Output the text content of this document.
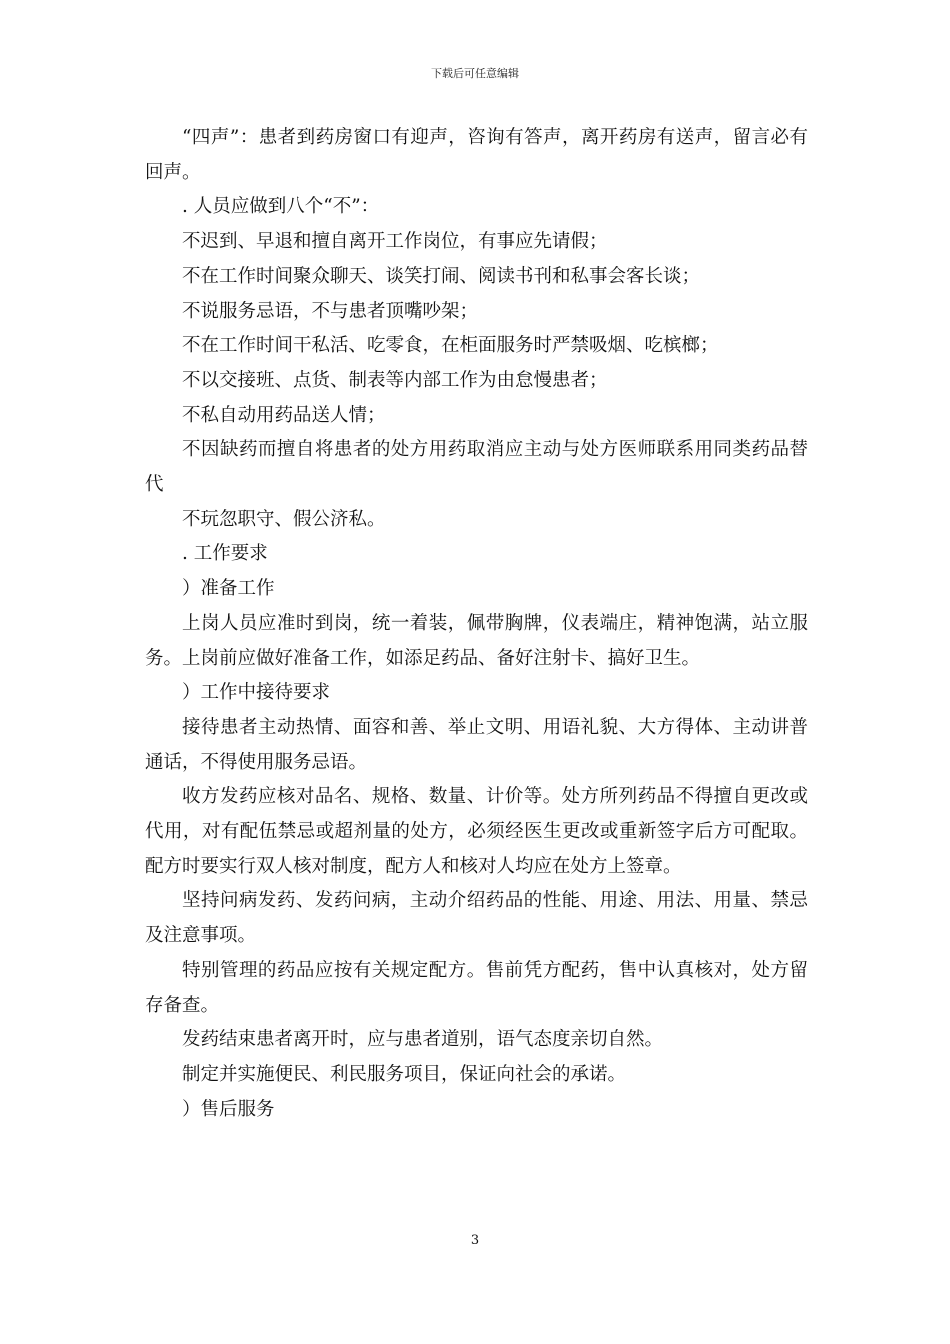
下载后可任意编辑

“四声”：患者到药房窗口有迎声，咨询有答声，离开药房有送声，留言必有回声。

. 人员应做到八个“不”：

不迟到、早退和擅自离开工作岗位，有事应先请假；

不在工作时间聚众聊天、谈笑打闹、阅读书刊和私事会客长谈；

不说服务忌语，不与患者顶嘴吵架；

不在工作时间干私活、吃零食，在柜面服务时严禁吸烟、吃槟榔；

不以交接班、点货、制表等内部工作为由怠慢患者；

不私自动用药品送人情；

不因缺药而擅自将患者的处方用药取消应主动与处方医师联系用同类药品替代

不玩忽职守、假公济私。

. 工作要求

）准备工作

上岗人员应准时到岗，统一着装，佩带胸牌，仪表端庄，精神饱满，站立服务。上岗前应做好准备工作，如添足药品、备好注射卡、搞好卫生。

）工作中接待要求

接待患者主动热情、面容和善、举止文明、用语礼貌、大方得体、主动讲普通话，不得使用服务忌语。

收方发药应核对品名、规格、数量、计价等。处方所列药品不得擅自更改或代用，对有配伍禁忌或超剂量的处方，必须经医生更改或重新签字后方可配取。配方时要实行双人核对制度，配方人和核对人均应在处方上签章。

坚持问病发药、发药问病，主动介绍药品的性能、用途、用法、用量、禁忌及注意事项。

特别管理的药品应按有关规定配方。售前凭方配药，售中认真核对，处方留存备查。

发药结束患者离开时，应与患者道别，语气态度亲切自然。

制定并实施便民、利民服务项目，保证向社会的承诺。

）售后服务

3
